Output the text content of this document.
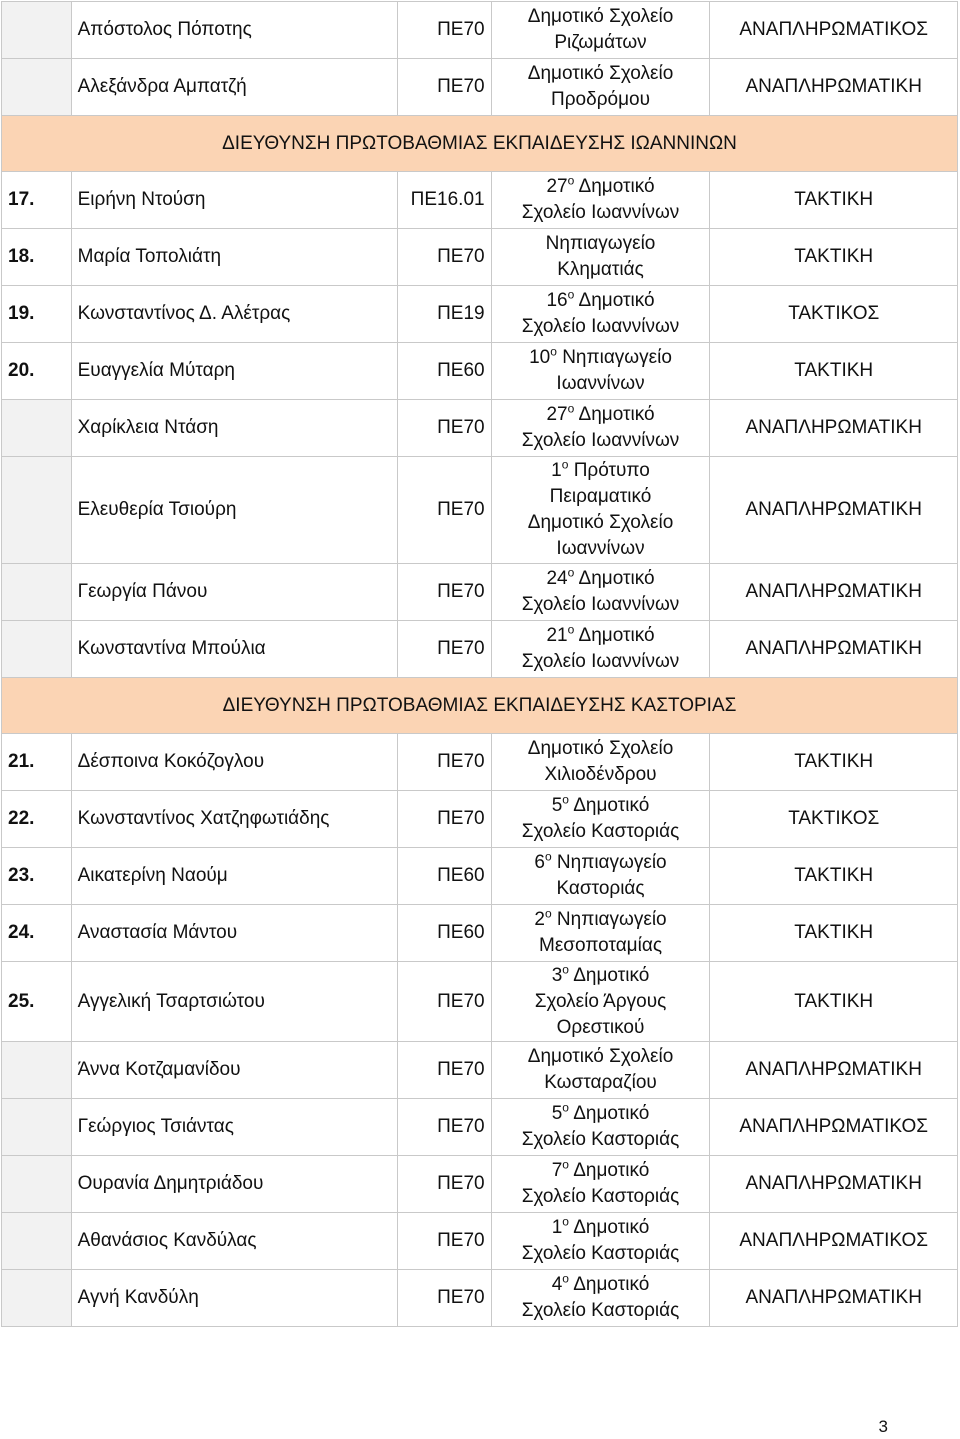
	Απόστολος Πόποτης	ΠΕ70	Δημοτικό Σχολείο
Ριζωμάτων	ΑΝΑΠΛΗΡΩΜΑΤΙΚΟΣ
	Αλεξάνδρα Αμπατζή	ΠΕ70	Δημοτικό Σχολείο
Προδρόμου	ΑΝΑΠΛΗΡΩΜΑΤΙΚΗ
ΔΙΕΥΘΥΝΣΗ ΠΡΩΤΟΒΑΘΜΙΑΣ ΕΚΠΑΙΔΕΥΣΗΣ ΙΩΑΝΝΙΝΩΝ				
17.	Ειρήνη Ντούση	ΠΕ16.01	$27^o$ Δημοτικό
Σχολείο Ιωαννίνων	ΤΑΚΤΙΚΗ
18.	Μαρία Τοπολιάτη	ΠΕ70	Νηπιαγωγείο
Κληματιάς	ΤΑΚΤΙΚΗ
19.	Κωνσταντίνος Δ. Αλέτρας	ΠΕ19	$16^o$ Δημοτικό
Σχολείο Ιωαννίνων	ΤΑΚΤΙΚΟΣ
20.	Ευαγγελία Μύταρη	ΠΕ60	$10^o$ Νηπιαγωγείο
Ιωαννίνων	ΤΑΚΤΙΚΗ
	Χαρίκλεια Ντάση	ΠΕ70	$27^o$ Δημοτικό
Σχολείο Ιωαννίνων	ΑΝΑΠΛΗΡΩΜΑΤΙΚΗ
	Ελευθερία Τσιούρη	ΠΕ70	$1^o$ Πρότυπο
Πειραματικό
Δημοτικό Σχολείο
Ιωαννίνων	ΑΝΑΠΛΗΡΩΜΑΤΙΚΗ
	Γεωργία Πάνου	ΠΕ70	$24^o$ Δημοτικό
Σχολείο Ιωαννίνων	ΑΝΑΠΛΗΡΩΜΑΤΙΚΗ
	Κωνσταντίνα Μπούλια	ΠΕ70	$21^o$ Δημοτικό
Σχολείο Ιωαννίνων	ΑΝΑΠΛΗΡΩΜΑΤΙΚΗ
ΔΙΕΥΘΥΝΣΗ ΠΡΩΤΟΒΑΘΜΙΑΣ ΕΚΠΑΙΔΕΥΣΗΣ ΚΑΣΤΟΡΙΑΣ				
21.	Δέσποινα Κοκόζογλου	ΠΕ70	Δημοτικό Σχολείο
Χιλιοδένδρου	ΤΑΚΤΙΚΗ
22.	Κωνσταντίνος Χατζηφωτιάδης	ΠΕ70	$5^o$ Δημοτικό
Σχολείο Καστοριάς	ΤΑΚΤΙΚΟΣ
23.	Αικατερίνη Ναούμ	ΠΕ60	$6^o$ Νηπιαγωγείο
Καστοριάς	ΤΑΚΤΙΚΗ
24.	Αναστασία Μάντου	ΠΕ60	$2^o$ Νηπιαγωγείο
Μεσοποταμίας	ΤΑΚΤΙΚΗ
25.	Αγγελική Τσαρτσιώτου	ΠΕ70	$3^o$ Δημοτικό
Σχολείο Άργους
Ορεστικού	ΤΑΚΤΙΚΗ
	Άννα Κοτζαμανίδου	ΠΕ70	Δημοτικό Σχολείο
Κωσταραζίου	ΑΝΑΠΛΗΡΩΜΑΤΙΚΗ
	Γεώργιος Τσιάντας	ΠΕ70	$5^o$ Δημοτικό
Σχολείο Καστοριάς	ΑΝΑΠΛΗΡΩΜΑΤΙΚΟΣ
	Ουρανία Δημητριάδου	ΠΕ70	$7^o$ Δημοτικό
Σχολείο Καστοριάς	ΑΝΑΠΛΗΡΩΜΑΤΙΚΗ
	Αθανάσιος Κανδύλας	ΠΕ70	$1^o$ Δημοτικό
Σχολείο Καστοριάς	ΑΝΑΠΛΗΡΩΜΑΤΙΚΟΣ
	Αγνή Κανδύλη	ΠΕ70	$4^o$ Δημοτικό
Σχολείο Καστοριάς	ΑΝΑΠΛΗΡΩΜΑΤΙΚΗ
3
